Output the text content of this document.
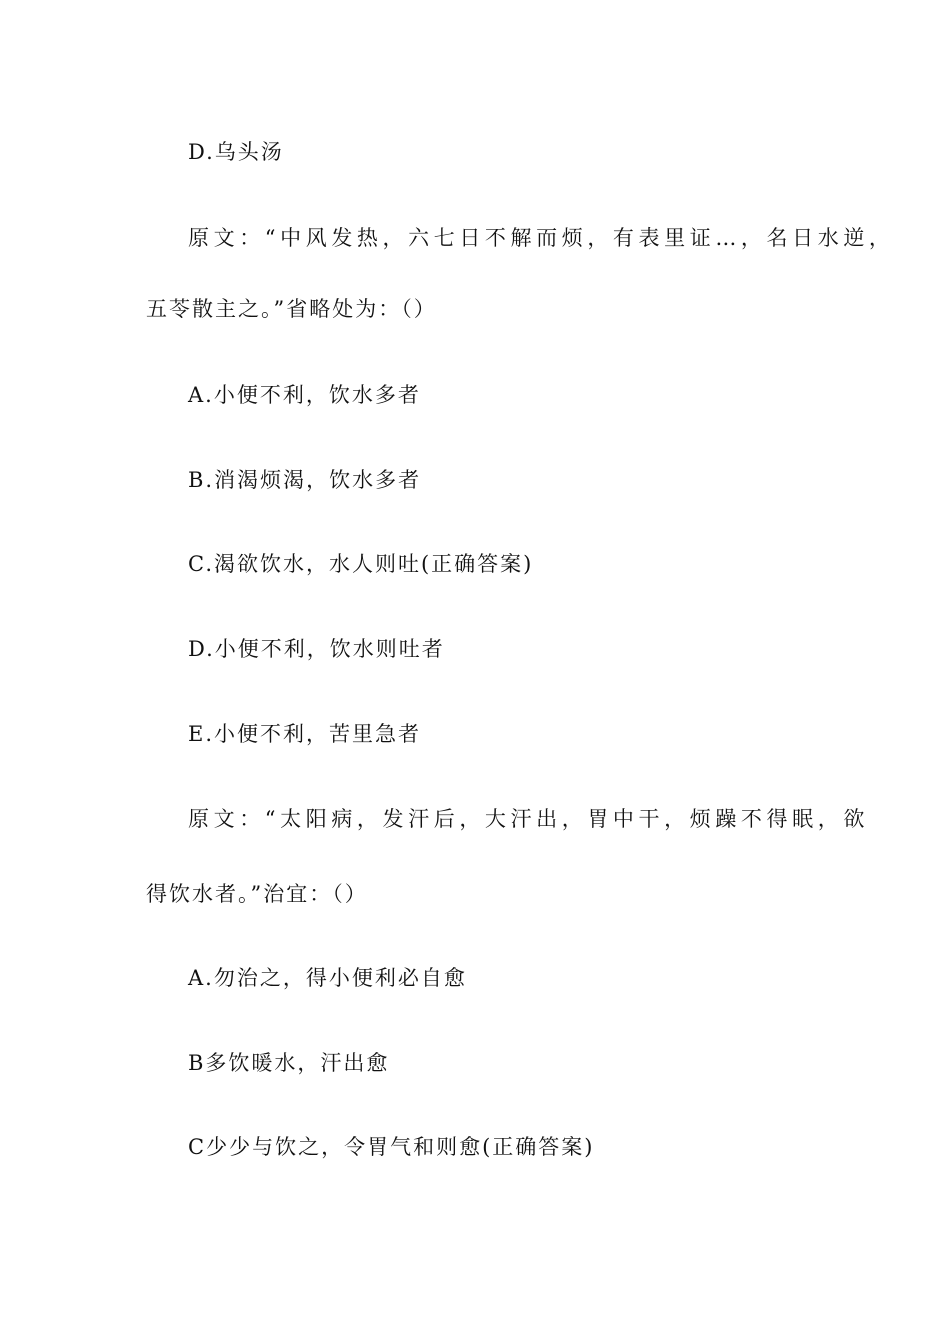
D.乌头汤
原文：“中风发热，六七日不解而烦，有表里证…，名日水逆，
五苓散主之。”省略处为：（）
A.小便不利，饮水多者
B.消渴烦渴，饮水多者
C.渴欲饮水，水人则吐(正确答案)
D.小便不利，饮水则吐者
E.小便不利，苦里急者
原文：“太阳病，发汗后，大汗出，胃中干，烦躁不得眠，欲
得饮水者。”治宜：（）
A.勿治之，得小便利必自愈
B多饮暖水，汗出愈
C少少与饮之，令胃气和则愈(正确答案)
